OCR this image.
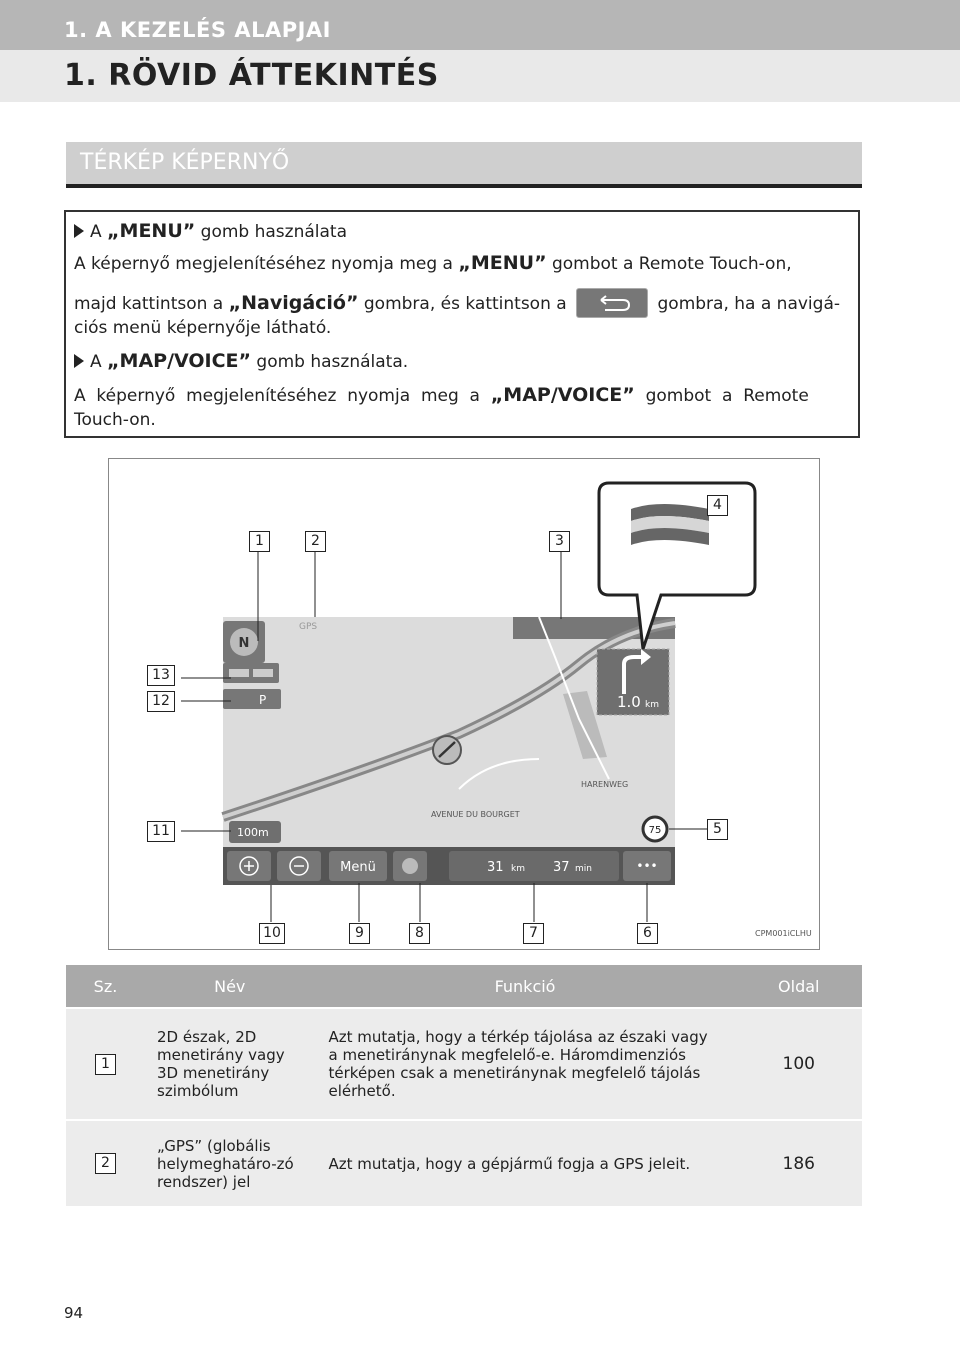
1. A KEZELÉS ALAPJAI
1. RÖVID ÁTTEKINTÉS
TÉRKÉP KÉPERNYŐ
A „MENU” gomb használata
A képernyő megjelenítéséhez nyomja meg a „MENU” gombot a Remote Touch-on,
majd kattintson a „Navigáció” gombra, és kattintson a	gombra, ha a navigá-
ciós menü képernyője látható.
A „MAP/VOICE” gomb használata.
A  képernyő  megjelenítéséhez  nyomja  meg  a  „MAP/VOICE”  gombot  a  Remote
Touch-on.
N
GPS
P	1.0 km
HARENWEG
AVENUE DU BOURGET
100m	75
Menü	31 km 37 min	•••
1	2	3
4
5
6
7
8
9
10
11
12
13
CPM001iCLHU
Sz.	Név	Funkció	Oldal
1	2D észak, 2D menetirány vagy 3D menetirány szimbólum	Azt mutatja, hogy a térkép tájolása az északi vagy a menetiránynak megfelelő-e. Háromdimenziós térképen csak a menetiránynak megfelelő tájolás elérhető.	100
2	„GPS” (globális helymeghatáro-zó rendszer) jel	Azt mutatja, hogy a gépjármű fogja a GPS jeleit.	186
94
